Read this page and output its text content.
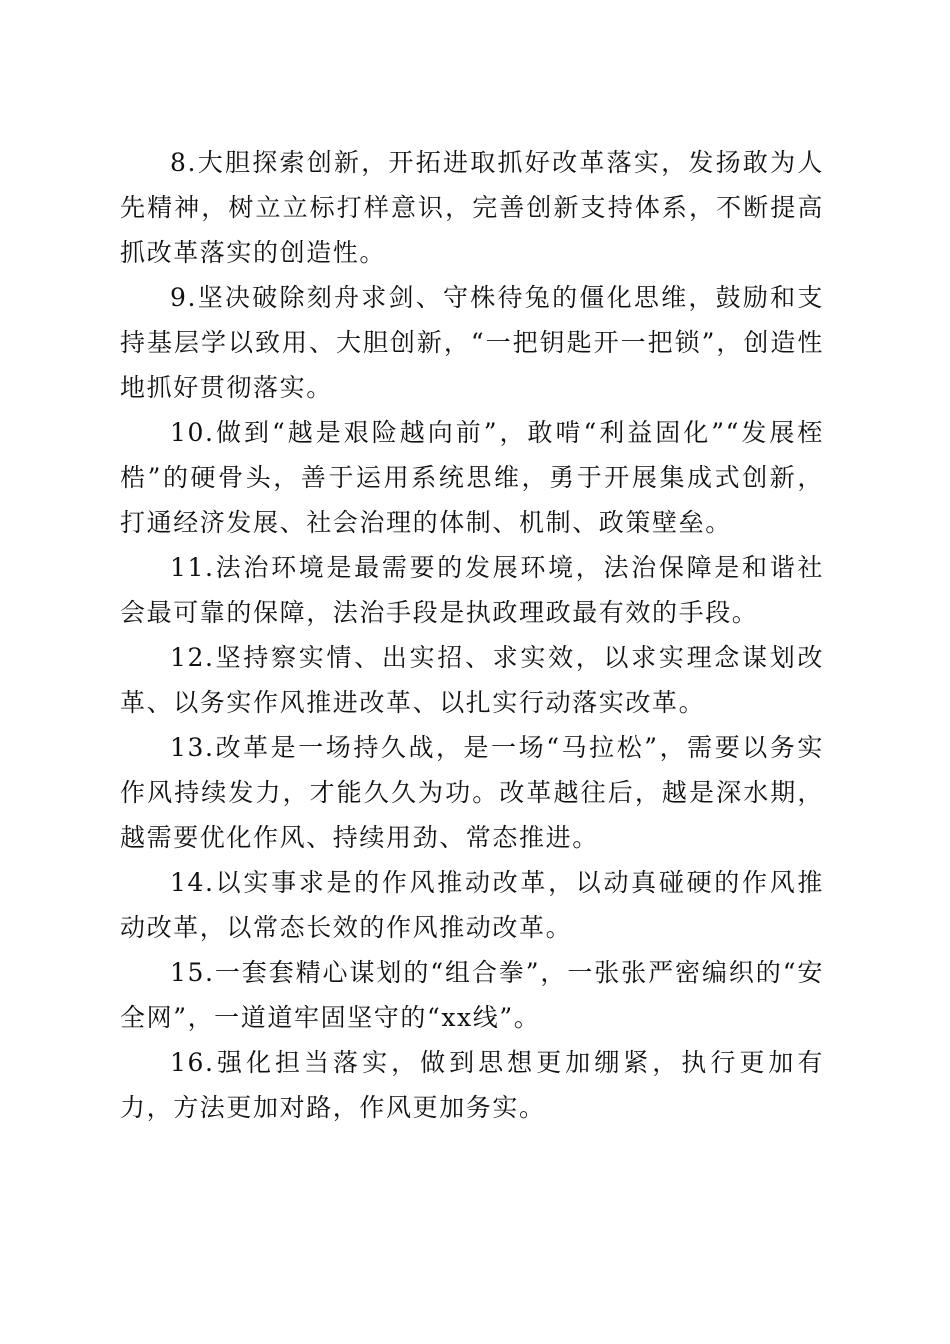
8.大胆探索创新，开拓进取抓好改革落实，发扬敢为人先精神，树立立标打样意识，完善创新支持体系，不断提高抓改革落实的创造性。

9.坚决破除刻舟求剑、守株待兔的僵化思维，鼓励和支持基层学以致用、大胆创新，“一把钥匙开一把锁”，创造性地抓好贯彻落实。

10.做到“越是艰险越向前”，敢啃“利益固化”“发展桎梏”的硬骨头，善于运用系统思维，勇于开展集成式创新，打通经济发展、社会治理的体制、机制、政策壁垒。

11.法治环境是最需要的发展环境，法治保障是和谐社会最可靠的保障，法治手段是执政理政最有效的手段。

12.坚持察实情、出实招、求实效，以求实理念谋划改革、以务实作风推进改革、以扎实行动落实改革。

13.改革是一场持久战，是一场“马拉松”，需要以务实作风持续发力，才能久久为功。改革越往后，越是深水期，越需要优化作风、持续用劲、常态推进。

14.以实事求是的作风推动改革，以动真碰硬的作风推动改革，以常态长效的作风推动改革。

15.一套套精心谋划的“组合拳”，一张张严密编织的“安全网”，一道道牢固坚守的“xx线”。

16.强化担当落实，做到思想更加绷紧，执行更加有力，方法更加对路，作风更加务实。
